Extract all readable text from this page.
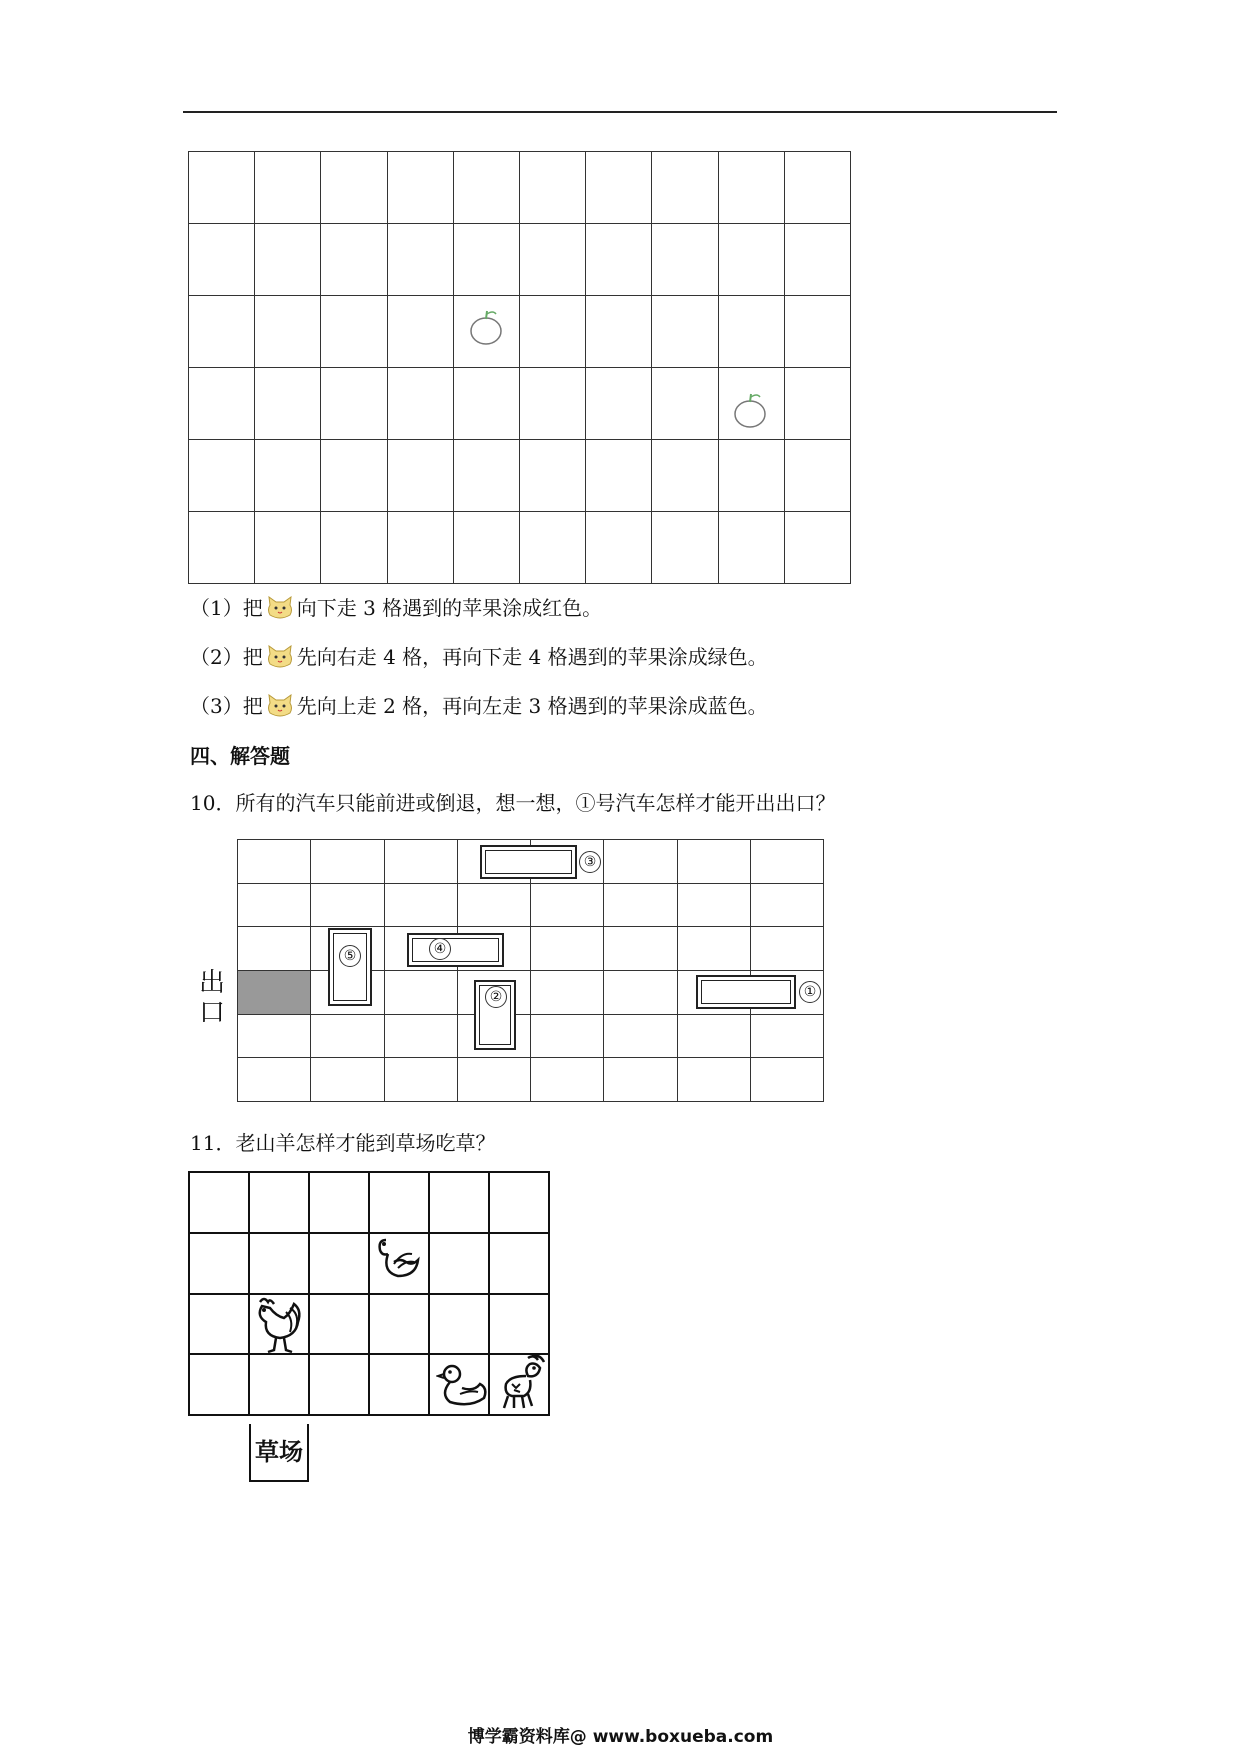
（1）把 向下走 3 格遇到的苹果涂成红色。
（2）把 先向右走 4 格，再向下走 4 格遇到的苹果涂成绿色。
（3）把 先向上走 2 格，再向左走 3 格遇到的苹果涂成蓝色。
四、解答题
10．所有的汽车只能前进或倒退，想一想，①号汽车怎样才能开出出口？

出口
③
④
⑤
②	①
11．老山羊怎样才能到草场吃草？

草场
博学霸资料库@ www.boxueba.com
